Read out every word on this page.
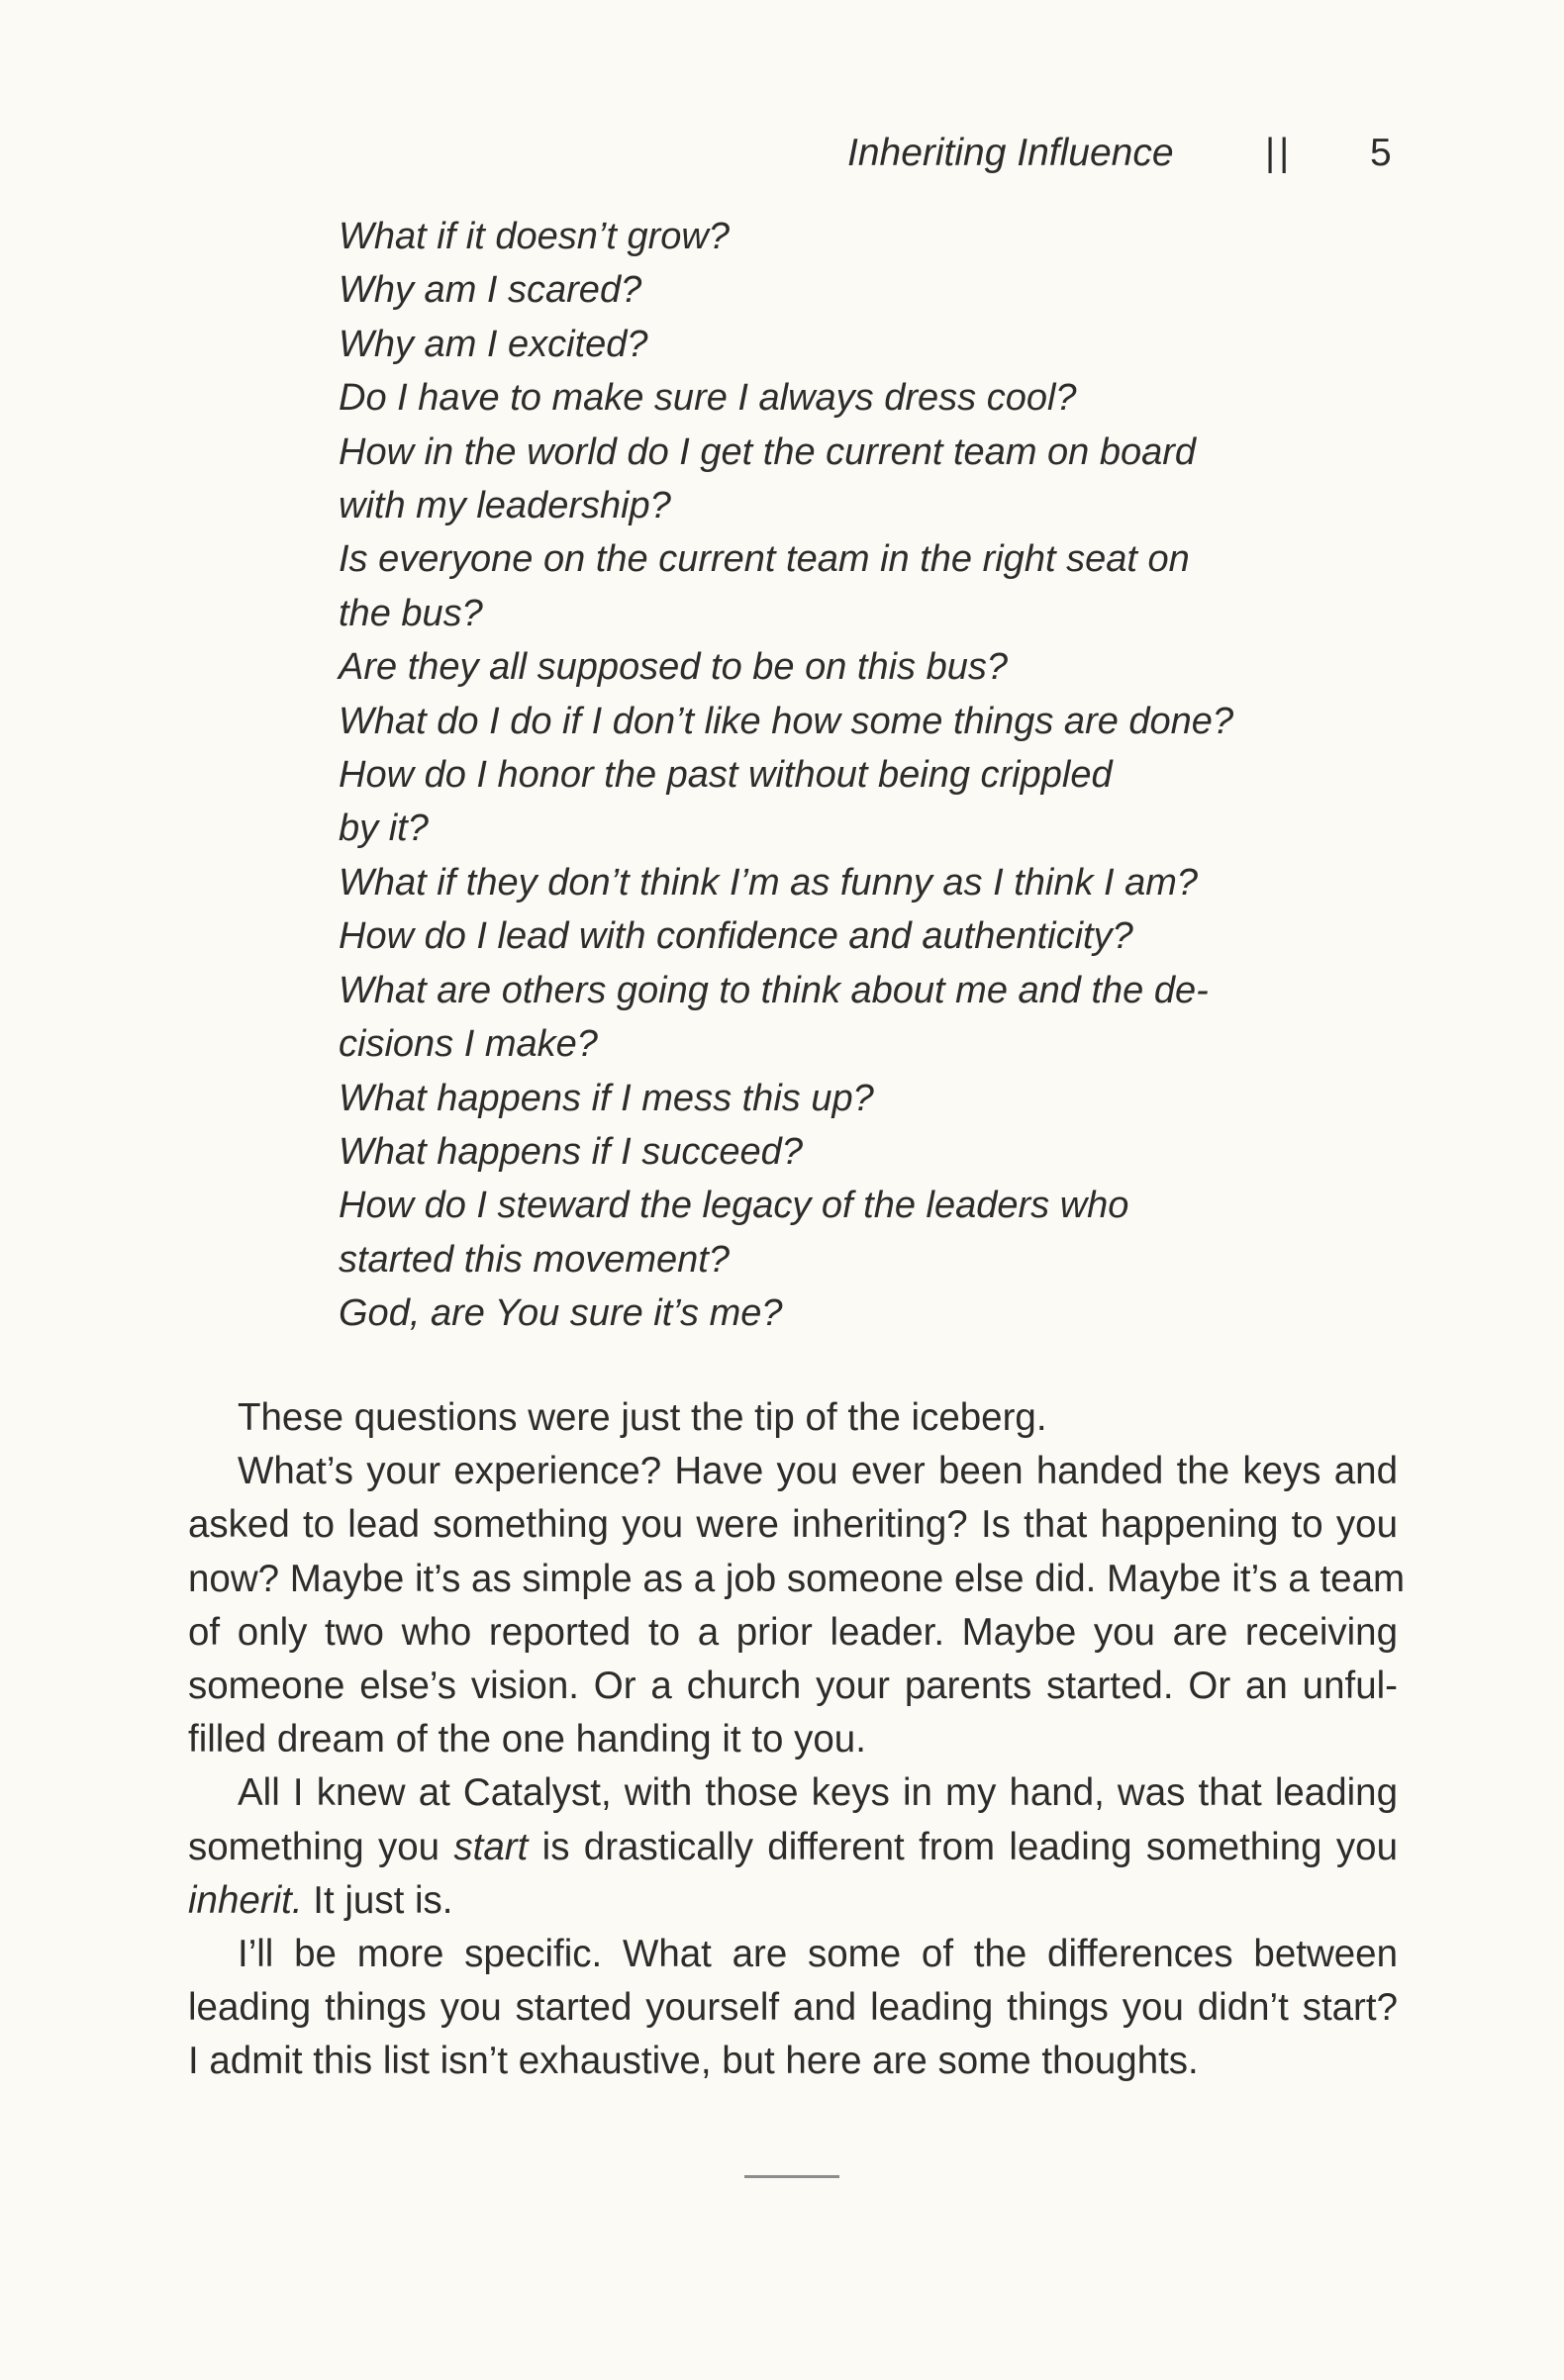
Inheriting Influence || 5
What if it doesn’t grow?
Why am I scared?
Why am I excited?
Do I have to make sure I always dress cool?
How in the world do I get the current team on board
with my leadership?
Is everyone on the current team in the right seat on
the bus?
Are they all supposed to be on this bus?
What do I do if I don’t like how some things are done?
How do I honor the past without being crippled
by it?
What if they don’t think I’m as funny as I think I am?
How do I lead with confidence and authenticity?
What are others going to think about me and the de-
cisions I make?
What happens if I mess this up?
What happens if I succeed?
How do I steward the legacy of the leaders who
started this movement?
God, are You sure it’s me?

These questions were just the tip of the iceberg.

What’s your experience? Have you ever been handed the keys and
asked to lead something you were inheriting? Is that happening to you
now? Maybe it’s as simple as a job someone else did. Maybe it’s a team
of only two who reported to a prior leader. Maybe you are receiving
someone else’s vision. Or a church your parents started. Or an unful-
filled dream of the one handing it to you.

All I knew at Catalyst, with those keys in my hand, was that leading
something you start is drastically different from leading something you
inherit. It just is.

I’ll be more specific. What are some of the differences between
leading things you started yourself and leading things you didn’t start?
I admit this list isn’t exhaustive, but here are some thoughts.
